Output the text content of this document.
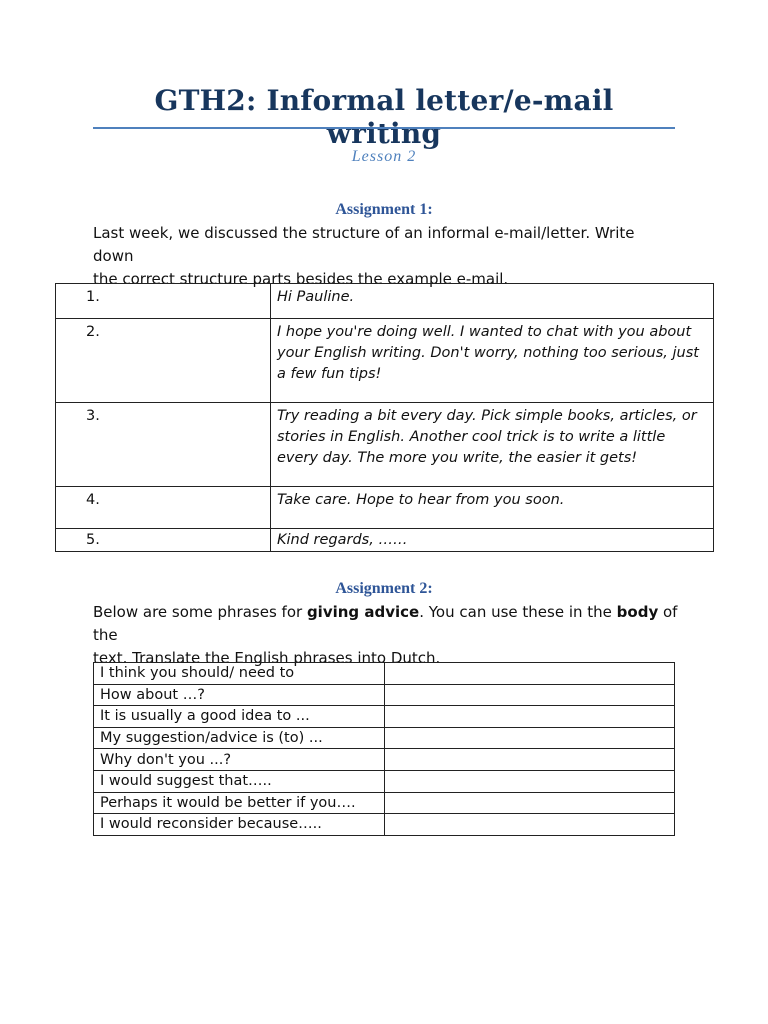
GTH2: Informal letter/e-mail writing
Lesson 2
Assignment 1:
Last week, we discussed the structure of an informal e-mail/letter. Write down
the correct structure parts besides the example e-mail.
1.	Hi Pauline.
2.	I hope you're doing well. I wanted to chat with you about your English writing. Don't worry, nothing too serious, just a few fun tips!
3.	Try reading a bit every day. Pick simple books, articles, or stories in English. Another cool trick is to write a little every day. The more you write, the easier it gets!
4.	Take care. Hope to hear from you soon.
5.	Kind regards, ……
Assignment 2:
Below are some phrases for giving advice. You can use these in the body of the
text. Translate the English phrases into Dutch.
I think you should/ need to	
How about …?	
It is usually a good idea to ...	
My suggestion/advice is (to) ...	
Why don't you ...?	
I would suggest that…..	
Perhaps it would be better if you….	
I would reconsider because…..	
